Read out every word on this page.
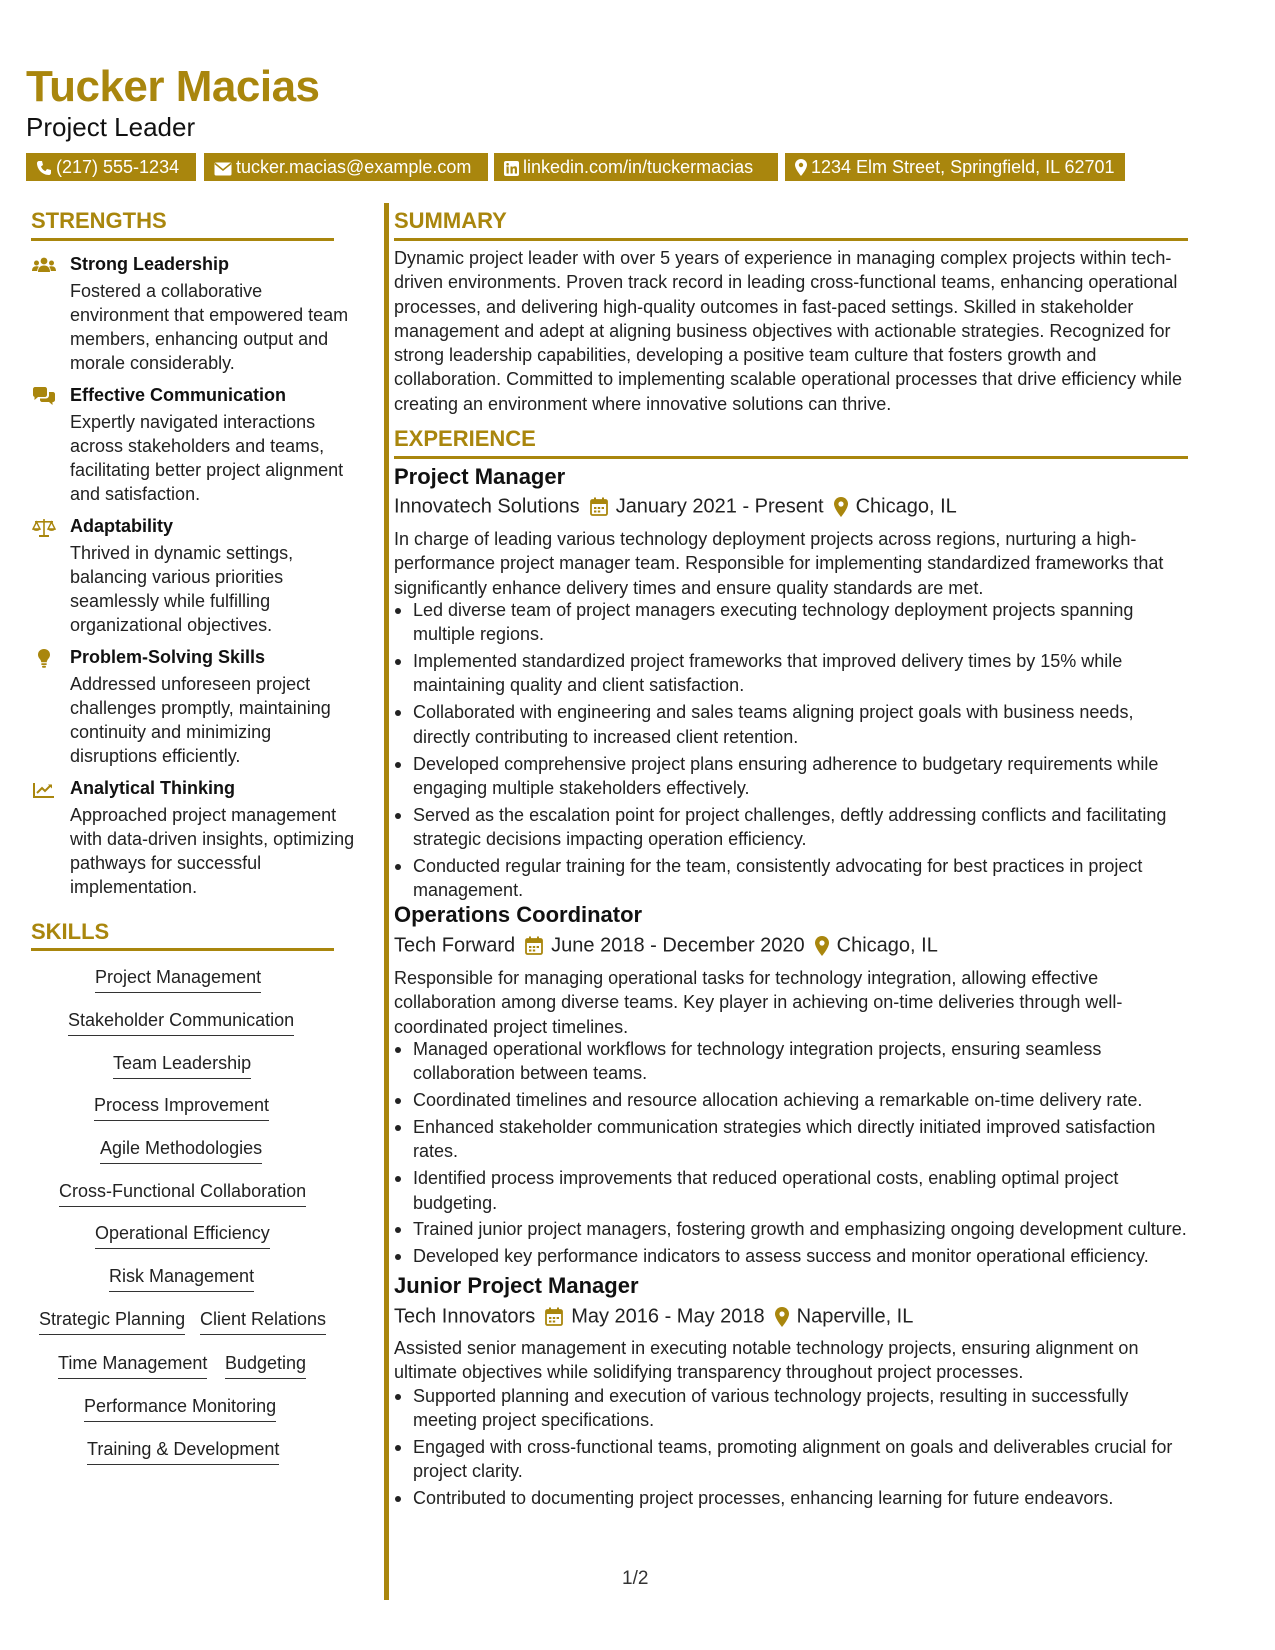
Tucker Macias
Project Leader
(217) 555-1234	tucker.macias@example.com	linkedin.com/in/tuckermacias	1234 Elm Street, Springfield, IL 62701
STRENGTHS
Strong Leadership
Fostered a collaborative environment that empowered team members, enhancing output and morale considerably.
Effective Communication
Expertly navigated interactions across stakeholders and teams, facilitating better project alignment and satisfaction.
Adaptability
Thrived in dynamic settings, balancing various priorities seamlessly while fulfilling organizational objectives.
Problem-Solving Skills
Addressed unforeseen project challenges promptly, maintaining continuity and minimizing disruptions efficiently.
Analytical Thinking
Approached project management with data-driven insights, optimizing pathways for successful implementation.
SKILLS
Project Management
Stakeholder Communication
Team Leadership
Process Improvement
Agile Methodologies
Cross-Functional Collaboration
Operational Efficiency
Risk Management
Strategic Planning Client Relations
Time Management Budgeting
Performance Monitoring
Training & Development
SUMMARY
Dynamic project leader with over 5 years of experience in managing complex projects within tech-driven environments. Proven track record in leading cross-functional teams, enhancing operational processes, and delivering high-quality outcomes in fast-paced settings. Skilled in stakeholder management and adept at aligning business objectives with actionable strategies. Recognized for strong leadership capabilities, developing a positive team culture that fosters growth and collaboration. Committed to implementing scalable operational processes that drive efficiency while creating an environment where innovative solutions can thrive.
EXPERIENCE
Project Manager
Innovatech Solutions January 2021 - Present Chicago, IL
In charge of leading various technology deployment projects across regions, nurturing a high-performance project manager team. Responsible for implementing standardized frameworks that significantly enhance delivery times and ensure quality standards are met.
Led diverse team of project managers executing technology deployment projects spanning multiple regions.
Implemented standardized project frameworks that improved delivery times by 15% while maintaining quality and client satisfaction.
Collaborated with engineering and sales teams aligning project goals with business needs, directly contributing to increased client retention.
Developed comprehensive project plans ensuring adherence to budgetary requirements while engaging multiple stakeholders effectively.
Served as the escalation point for project challenges, deftly addressing conflicts and facilitating strategic decisions impacting operation efficiency.
Conducted regular training for the team, consistently advocating for best practices in project management.
Operations Coordinator
Tech Forward June 2018 - December 2020 Chicago, IL
Responsible for managing operational tasks for technology integration, allowing effective collaboration among diverse teams. Key player in achieving on-time deliveries through well-coordinated project timelines.
Managed operational workflows for technology integration projects, ensuring seamless collaboration between teams.
Coordinated timelines and resource allocation achieving a remarkable on-time delivery rate.
Enhanced stakeholder communication strategies which directly initiated improved satisfaction rates.
Identified process improvements that reduced operational costs, enabling optimal project budgeting.
Trained junior project managers, fostering growth and emphasizing ongoing development culture.
Developed key performance indicators to assess success and monitor operational efficiency.
Junior Project Manager
Tech Innovators May 2016 - May 2018 Naperville, IL
Assisted senior management in executing notable technology projects, ensuring alignment on ultimate objectives while solidifying transparency throughout project processes.
Supported planning and execution of various technology projects, resulting in successfully meeting project specifications.
Engaged with cross-functional teams, promoting alignment on goals and deliverables crucial for project clarity.
Contributed to documenting project processes, enhancing learning for future endeavors.
1/2
